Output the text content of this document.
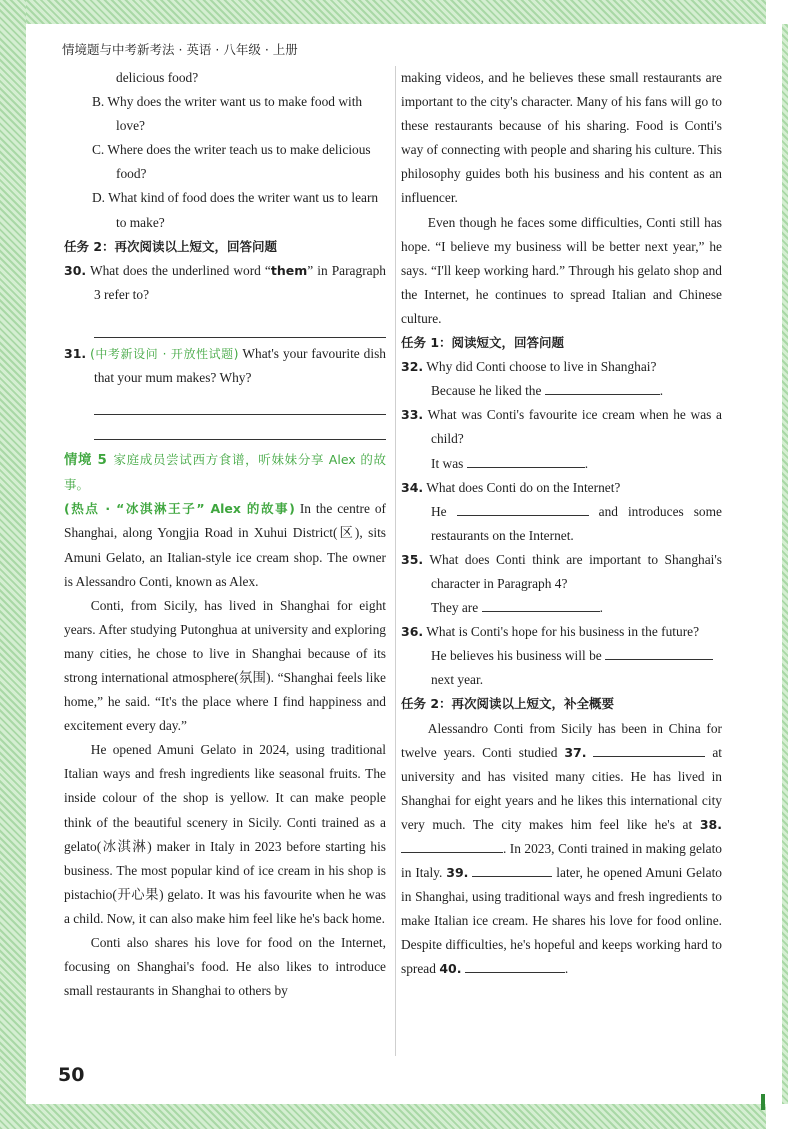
情境题与中考新考法 · 英语 · 八年级 · 上册

delicious food?

B. Why does the writer want us to make food with love?

C. Where does the writer teach us to make delicious food?

D. What kind of food does the writer want us to learn to make?

任务 2：再次阅读以上短文，回答问题

30. What does the underlined word “them” in Paragraph 3 refer to?

31. (中考新设问 · 开放性试题) What's your favourite dish that your mum makes? Why?

情境 5 家庭成员尝试西方食谱，听妹妹分享 Alex 的故事。

(热点 · “冰淇淋王子” Alex 的故事) In the centre of Shanghai, along Yongjia Road in Xuhui District(区), sits Amuni Gelato, an Italian-style ice cream shop. The owner is Alessandro Conti, known as Alex.

Conti, from Sicily, has lived in Shanghai for eight years. After studying Putonghua at university and exploring many cities, he chose to live in Shanghai because of its strong international atmosphere(氛围). “Shanghai feels like home,” he said. “It's the place where I find happiness and excitement every day.”

He opened Amuni Gelato in 2024, using traditional Italian ways and fresh ingredients like seasonal fruits. The inside colour of the shop is yellow. It can make people think of the beautiful scenery in Sicily. Conti trained as a gelato(冰淇淋) maker in Italy in 2023 before starting his business. The most popular kind of ice cream in his shop is pistachio(开心果) gelato. It was his favourite when he was a child. Now, it can also make him feel like he's back home.

Conti also shares his love for food on the Internet, focusing on Shanghai's food. He also likes to introduce small restaurants in Shanghai to others by

making videos, and he believes these small restaurants are important to the city's character. Many of his fans will go to these restaurants because of his sharing. Food is Conti's way of connecting with people and sharing his culture. This philosophy guides both his business and his content as an influencer.

Even though he faces some difficulties, Conti still has hope. “I believe my business will be better next year,” he says. “I'll keep working hard.” Through his gelato shop and the Internet, he continues to spread Italian and Chinese culture.

任务 1：阅读短文，回答问题

32. Why did Conti choose to live in Shanghai?

Because he liked the	.

33. What was Conti's favourite ice cream when he was a child?

It was	.

34. What does Conti do on the Internet?

He	and introduces some restaurants on the Internet.

35. What does Conti think are important to Shanghai's character in Paragraph 4?

They are	.

36. What is Conti's hope for his business in the future?

He believes his business will be  next year.

任务 2：再次阅读以上短文，补全概要

Alessandro Conti from Sicily has been in China for twelve years. Conti studied 37.	at university and has visited many cities. He has lived in Shanghai for eight years and he likes this international city very much. The city makes him feel like he's at 38. . In 2023, Conti trained in making gelato in Italy. 39.	later, he opened Amuni Gelato in Shanghai, using traditional ways and fresh ingredients to make Italian ice cream. He shares his love for food online. Despite difficulties, he's hopeful and keeps working hard to spread 40.	.

50
